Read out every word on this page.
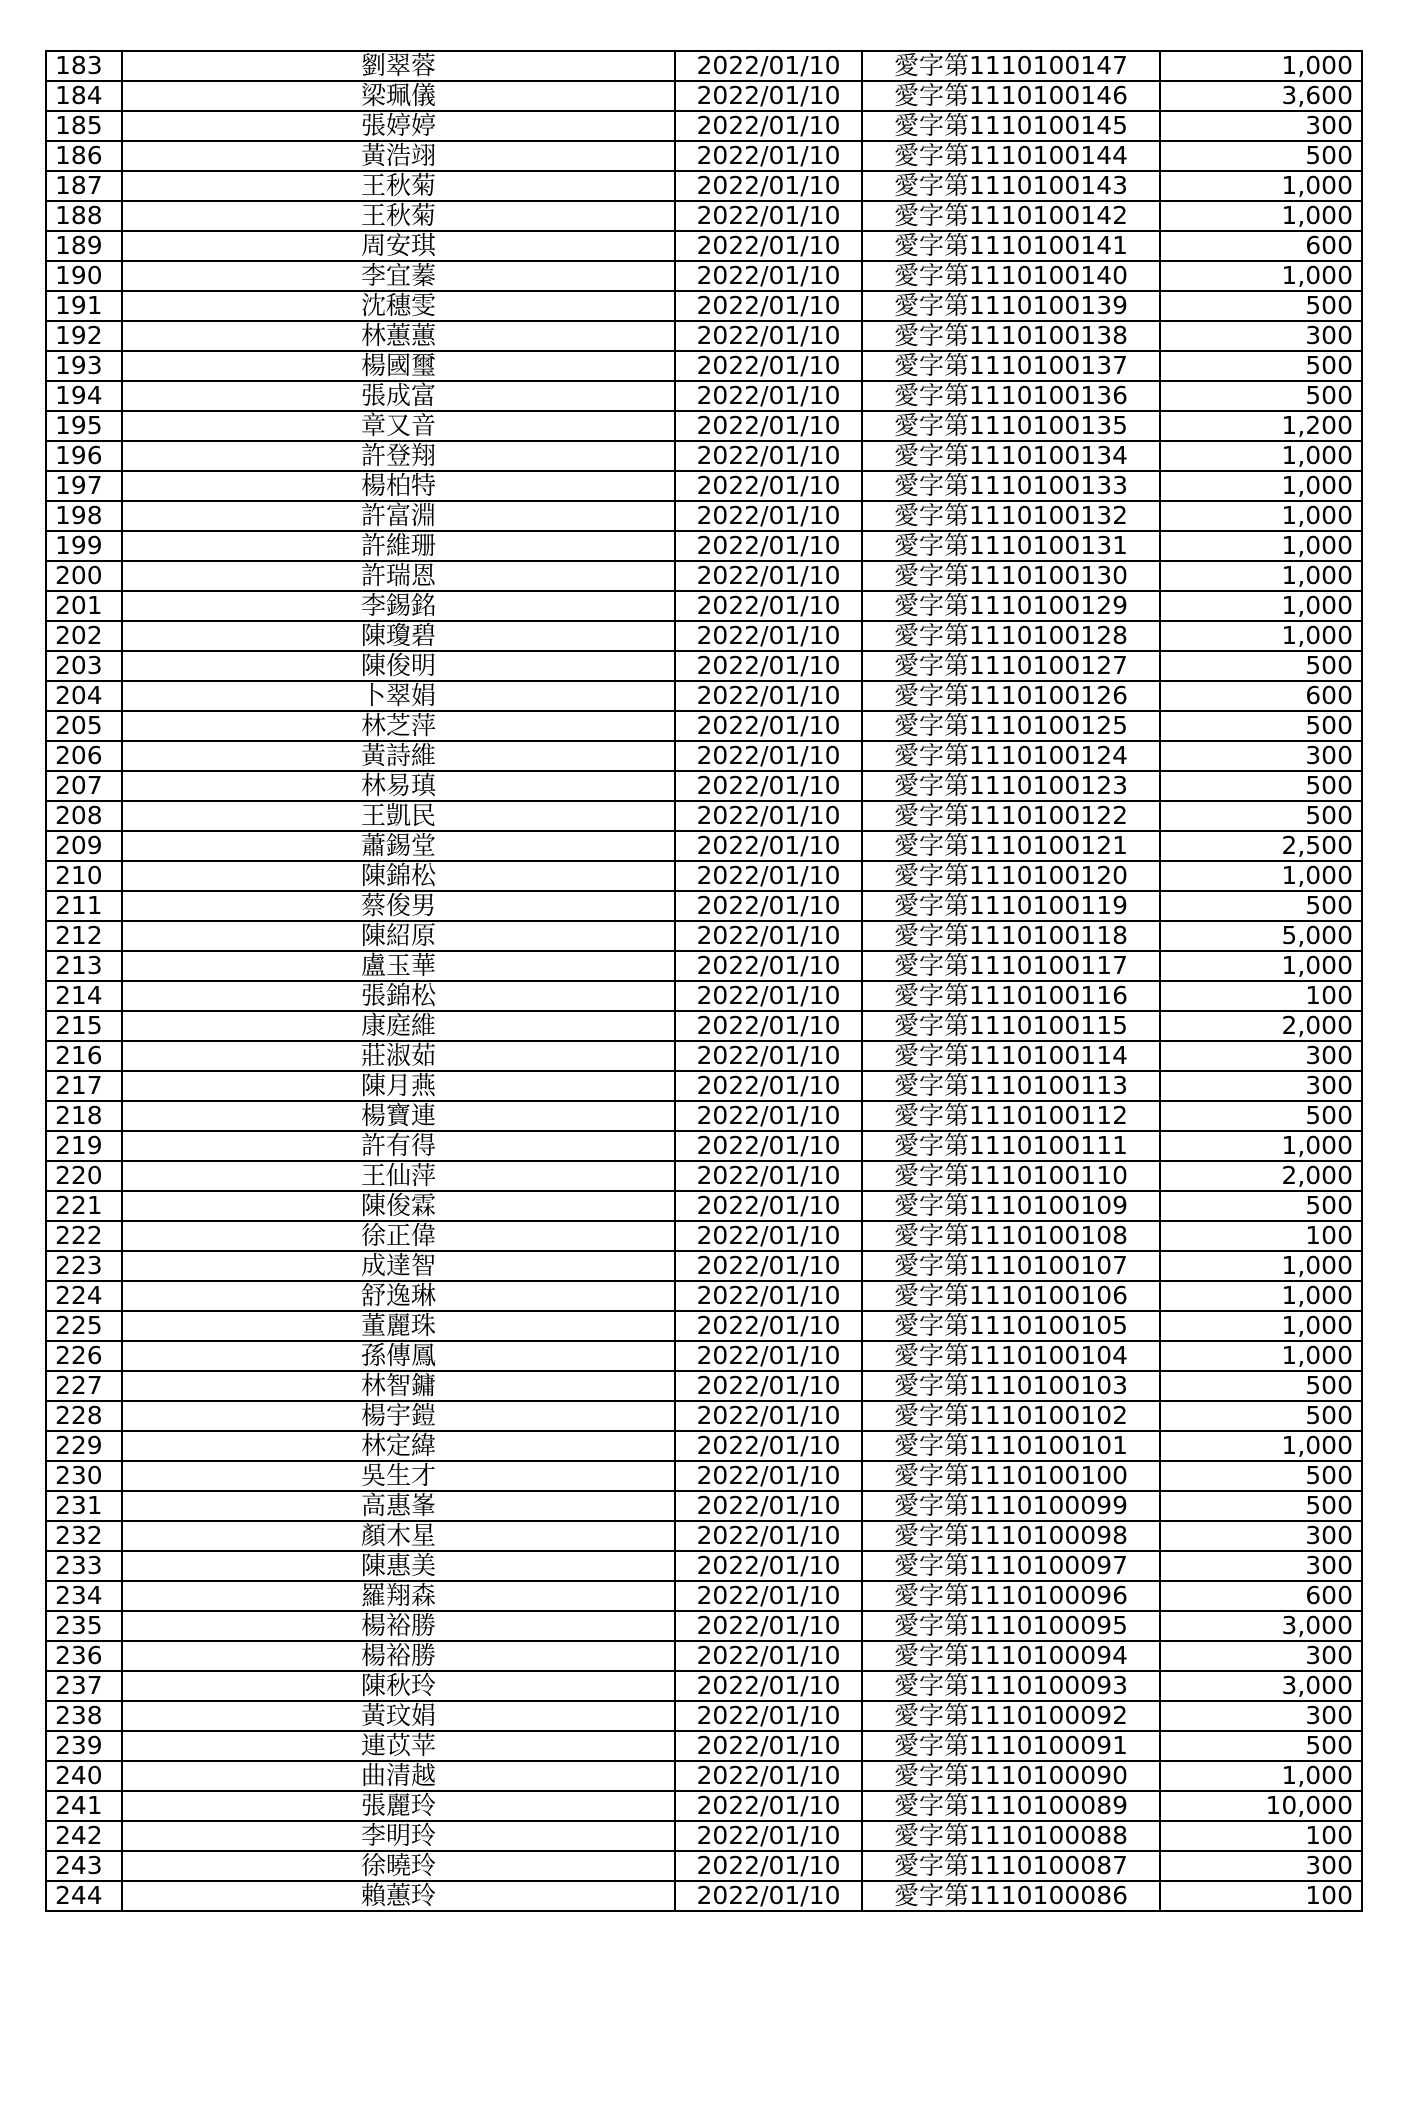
183	劉翠蓉	2022/01/10	愛字第1110100147	1,000
184	梁珮儀	2022/01/10	愛字第1110100146	3,600
185	張婷婷	2022/01/10	愛字第1110100145	300
186	黃浩翊	2022/01/10	愛字第1110100144	500
187	王秋菊	2022/01/10	愛字第1110100143	1,000
188	王秋菊	2022/01/10	愛字第1110100142	1,000
189	周安琪	2022/01/10	愛字第1110100141	600
190	李宜蓁	2022/01/10	愛字第1110100140	1,000
191	沈穗雯	2022/01/10	愛字第1110100139	500
192	林蕙蕙	2022/01/10	愛字第1110100138	300
193	楊國璽	2022/01/10	愛字第1110100137	500
194	張成富	2022/01/10	愛字第1110100136	500
195	章又音	2022/01/10	愛字第1110100135	1,200
196	許登翔	2022/01/10	愛字第1110100134	1,000
197	楊柏特	2022/01/10	愛字第1110100133	1,000
198	許富淵	2022/01/10	愛字第1110100132	1,000
199	許維珊	2022/01/10	愛字第1110100131	1,000
200	許瑞恩	2022/01/10	愛字第1110100130	1,000
201	李錫銘	2022/01/10	愛字第1110100129	1,000
202	陳瓊碧	2022/01/10	愛字第1110100128	1,000
203	陳俊明	2022/01/10	愛字第1110100127	500
204	卜翠娟	2022/01/10	愛字第1110100126	600
205	林芝萍	2022/01/10	愛字第1110100125	500
206	黃詩維	2022/01/10	愛字第1110100124	300
207	林易瑱	2022/01/10	愛字第1110100123	500
208	王凱民	2022/01/10	愛字第1110100122	500
209	蕭錫堂	2022/01/10	愛字第1110100121	2,500
210	陳錦松	2022/01/10	愛字第1110100120	1,000
211	蔡俊男	2022/01/10	愛字第1110100119	500
212	陳紹原	2022/01/10	愛字第1110100118	5,000
213	盧玉華	2022/01/10	愛字第1110100117	1,000
214	張錦松	2022/01/10	愛字第1110100116	100
215	康庭維	2022/01/10	愛字第1110100115	2,000
216	莊淑茹	2022/01/10	愛字第1110100114	300
217	陳月燕	2022/01/10	愛字第1110100113	300
218	楊寶連	2022/01/10	愛字第1110100112	500
219	許有得	2022/01/10	愛字第1110100111	1,000
220	王仙萍	2022/01/10	愛字第1110100110	2,000
221	陳俊霖	2022/01/10	愛字第1110100109	500
222	徐正偉	2022/01/10	愛字第1110100108	100
223	成達智	2022/01/10	愛字第1110100107	1,000
224	舒逸琳	2022/01/10	愛字第1110100106	1,000
225	董麗珠	2022/01/10	愛字第1110100105	1,000
226	孫傳鳳	2022/01/10	愛字第1110100104	1,000
227	林智鏞	2022/01/10	愛字第1110100103	500
228	楊宇鎧	2022/01/10	愛字第1110100102	500
229	林定緯	2022/01/10	愛字第1110100101	1,000
230	吳生才	2022/01/10	愛字第1110100100	500
231	高惠峯	2022/01/10	愛字第1110100099	500
232	顏木星	2022/01/10	愛字第1110100098	300
233	陳惠美	2022/01/10	愛字第1110100097	300
234	羅翔森	2022/01/10	愛字第1110100096	600
235	楊裕勝	2022/01/10	愛字第1110100095	3,000
236	楊裕勝	2022/01/10	愛字第1110100094	300
237	陳秋玲	2022/01/10	愛字第1110100093	3,000
238	黃玟娟	2022/01/10	愛字第1110100092	300
239	連苡苹	2022/01/10	愛字第1110100091	500
240	曲清越	2022/01/10	愛字第1110100090	1,000
241	張麗玲	2022/01/10	愛字第1110100089	10,000
242	李明玲	2022/01/10	愛字第1110100088	100
243	徐曉玲	2022/01/10	愛字第1110100087	300
244	賴蕙玲	2022/01/10	愛字第1110100086	100
